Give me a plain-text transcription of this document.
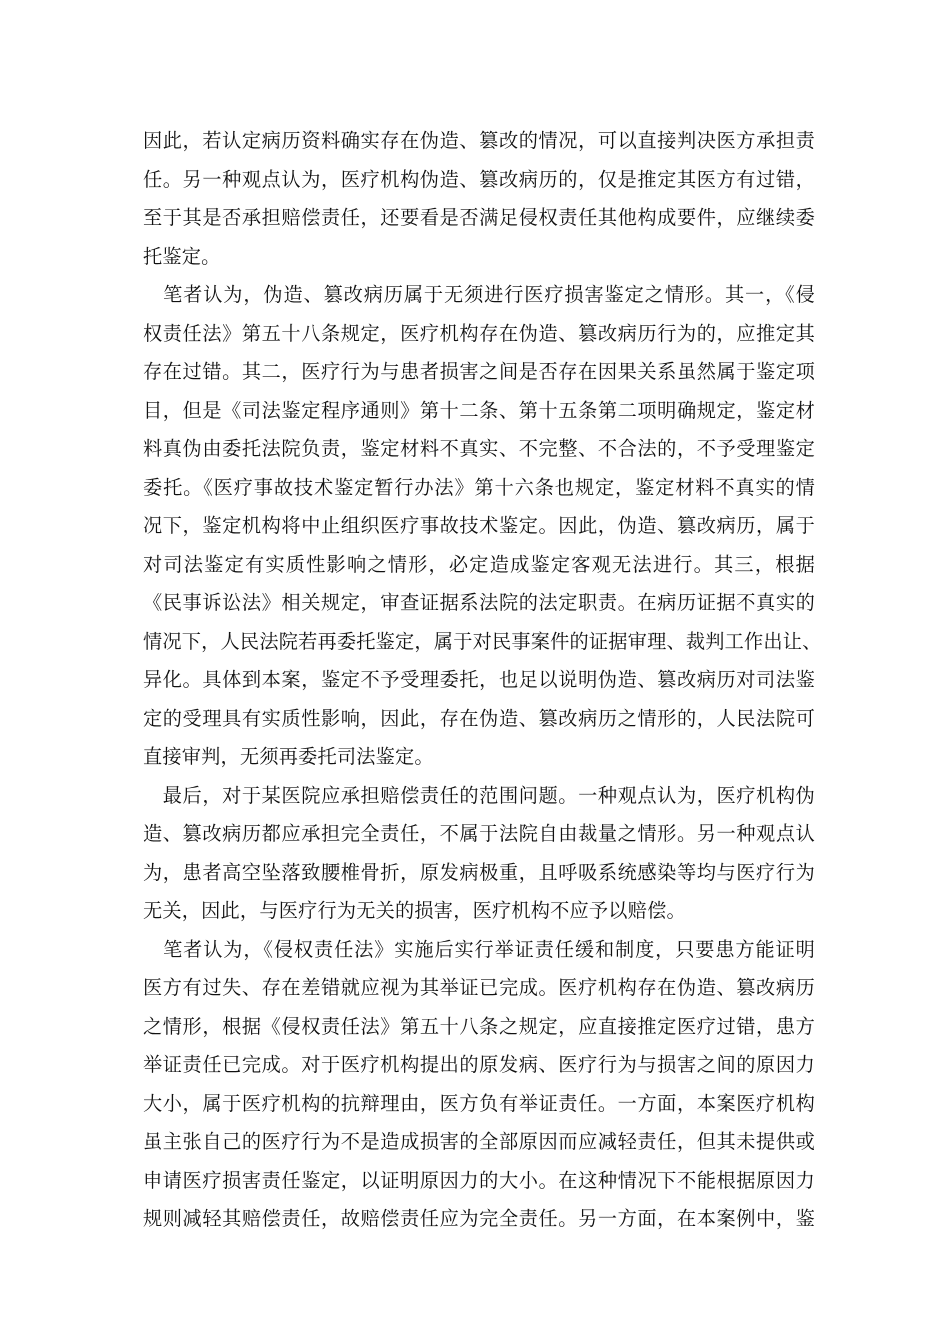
因此，若认定病历资料确实存在伪造、篡改的情况，可以直接判决医方承担责
任。另一种观点认为，医疗机构伪造、篡改病历的，仅是推定其医方有过错，
至于其是否承担赔偿责任，还要看是否满足侵权责任其他构成要件，应继续委
托鉴定。
　笔者认为，伪造、篡改病历属于无须进行医疗损害鉴定之情形。其一，《侵
权责任法》第五十八条规定，医疗机构存在伪造、篡改病历行为的，应推定其
存在过错。其二，医疗行为与患者损害之间是否存在因果关系虽然属于鉴定项
目，但是《司法鉴定程序通则》第十二条、第十五条第二项明确规定，鉴定材
料真伪由委托法院负责，鉴定材料不真实、不完整、不合法的，不予受理鉴定
委托。《医疗事故技术鉴定暂行办法》第十六条也规定，鉴定材料不真实的情
况下，鉴定机构将中止组织医疗事故技术鉴定。因此，伪造、篡改病历，属于
对司法鉴定有实质性影响之情形，必定造成鉴定客观无法进行。其三，根据
《民事诉讼法》相关规定，审查证据系法院的法定职责。在病历证据不真实的
情况下，人民法院若再委托鉴定，属于对民事案件的证据审理、裁判工作出让、
异化。具体到本案，鉴定不予受理委托，也足以说明伪造、篡改病历对司法鉴
定的受理具有实质性影响，因此，存在伪造、篡改病历之情形的，人民法院可
直接审判，无须再委托司法鉴定。
　最后，对于某医院应承担赔偿责任的范围问题。一种观点认为，医疗机构伪
造、篡改病历都应承担完全责任，不属于法院自由裁量之情形。另一种观点认
为，患者高空坠落致腰椎骨折，原发病极重，且呼吸系统感染等均与医疗行为
无关，因此，与医疗行为无关的损害，医疗机构不应予以赔偿。
　笔者认为，《侵权责任法》实施后实行举证责任缓和制度，只要患方能证明
医方有过失、存在差错就应视为其举证已完成。医疗机构存在伪造、篡改病历
之情形，根据《侵权责任法》第五十八条之规定，应直接推定医疗过错，患方
举证责任已完成。对于医疗机构提出的原发病、医疗行为与损害之间的原因力
大小，属于医疗机构的抗辩理由，医方负有举证责任。一方面，本案医疗机构
虽主张自己的医疗行为不是造成损害的全部原因而应减轻责任，但其未提供或
申请医疗损害责任鉴定，以证明原因力的大小。在这种情况下不能根据原因力
规则减轻其赔偿责任，故赔偿责任应为完全责任。另一方面，在本案例中，鉴
